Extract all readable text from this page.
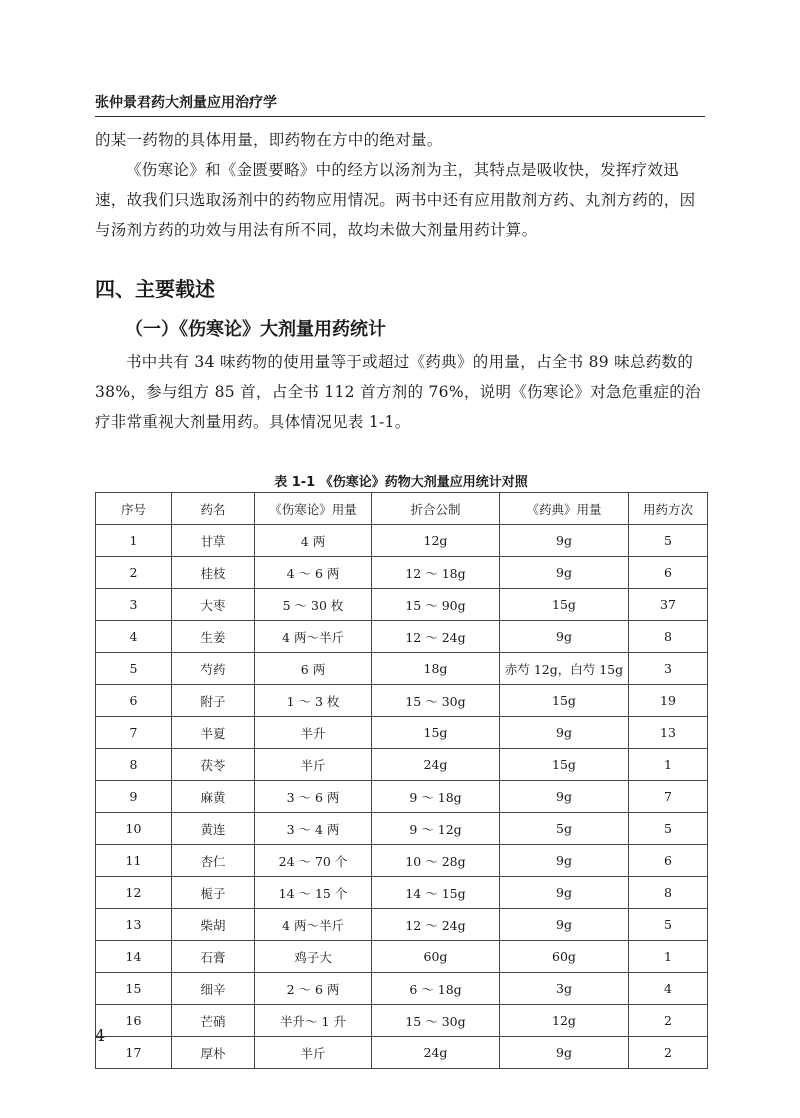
张仲景君药大剂量应用治疗学

的某一药物的具体用量，即药物在方中的绝对量。

《伤寒论》和《金匮要略》中的经方以汤剂为主，其特点是吸收快，发挥疗效迅速，故我们只选取汤剂中的药物应用情况。两书中还有应用散剂方药、丸剂方药的，因与汤剂方药的功效与用法有所不同，故均未做大剂量用药计算。

四、主要载述
（一）《伤寒论》大剂量用药统计

书中共有 34 味药物的使用量等于或超过《药典》的用量，占全书 89 味总药数的 38%，参与组方 85 首，占全书 112 首方剂的 76%，说明《伤寒论》对急危重症的治疗非常重视大剂量用药。具体情况见表 1-1。

表 1-1 《伤寒论》药物大剂量应用统计对照
序号	药名	《伤寒论》用量	折合公制	《药典》用量	用药方次
1	甘草	4 两	12g	9g	5
2	桂枝	4 ～ 6 两	12 ～ 18g	9g	6
3	大枣	5 ～ 30 枚	15 ～ 90g	15g	37
4	生姜	4 两～半斤	12 ～ 24g	9g	8
5	芍药	6 两	18g	赤芍 12g，白芍 15g	3
6	附子	1 ～ 3 枚	15 ～ 30g	15g	19
7	半夏	半升	15g	9g	13
8	茯苓	半斤	24g	15g	1
9	麻黄	3 ～ 6 两	9 ～ 18g	9g	7
10	黄连	3 ～ 4 两	9 ～ 12g	5g	5
11	杏仁	24 ～ 70 个	10 ～ 28g	9g	6
12	栀子	14 ～ 15 个	14 ～ 15g	9g	8
13	柴胡	4 两～半斤	12 ～ 24g	9g	5
14	石膏	鸡子大	60g	60g	1
15	细辛	2 ～ 6 两	6 ～ 18g	3g	4
16	芒硝	半升～ 1 升	15 ～ 30g	12g	2
17	厚朴	半斤	24g	9g	2
4
